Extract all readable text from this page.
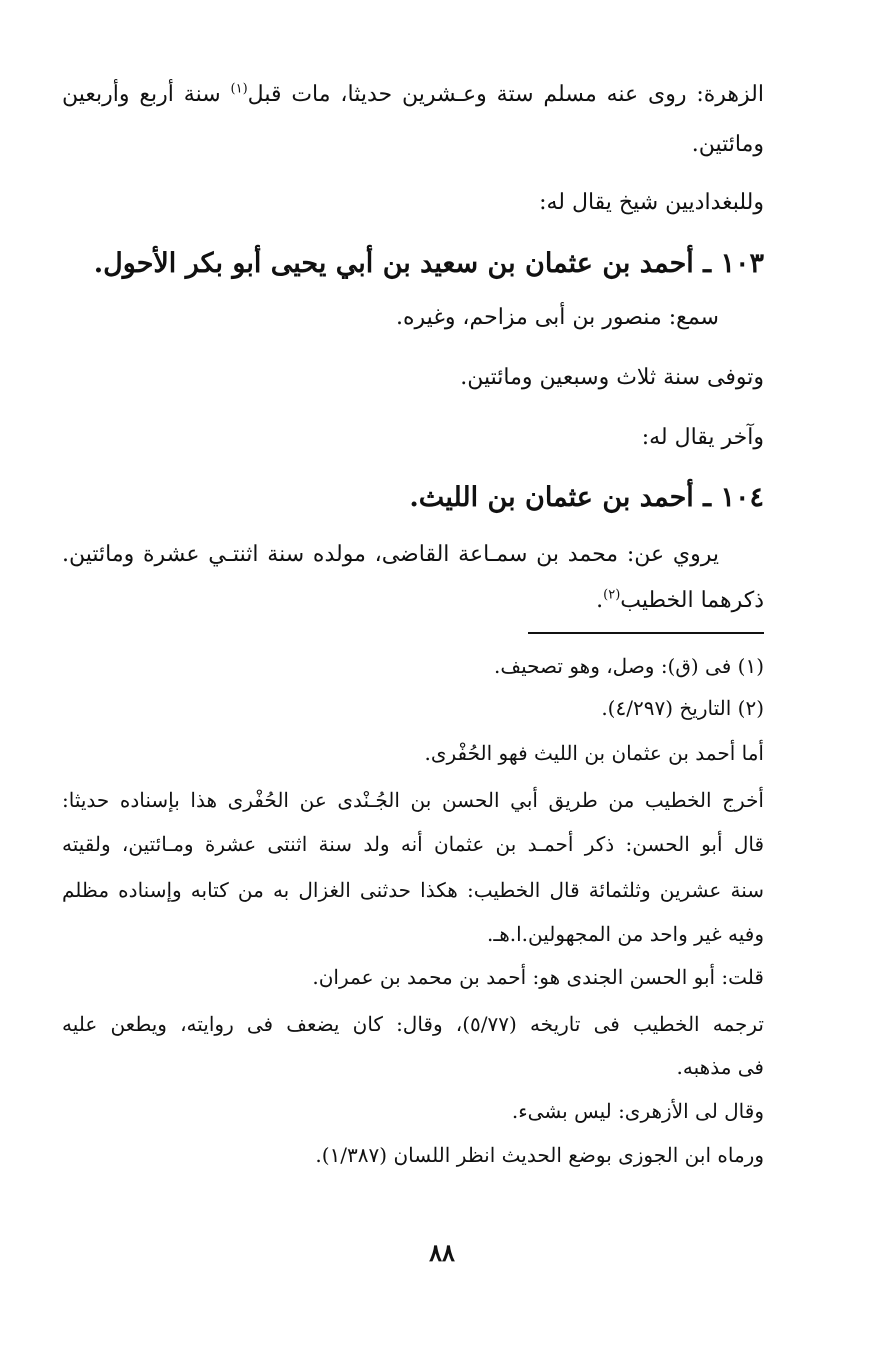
الزهرة: روى عنه مسلم ستة وعـشرين حديثا، مات قبل$^{(١)}$ سنة أربع وأربعين
ومائتين.
وللبغداديين شيخ يقال له:
١٠٣ ـ أحمد بن عثمان بن سعيد بن أبي يحيى أبو بكر الأحول.
سمع: منصور بن أبى مزاحم، وغيره.
وتوفى سنة ثلاث وسبعين ومائتين.
وآخر يقال له:
١٠٤ ـ أحمد بن عثمان بن الليث.
يروي عن: محمد بن سمـاعة القاضى، مولده سنة اثنتـي عشرة ومائتين.
ذكرهما الخطيب$^{(٢)}$.
(١) فى (ق): وصل، وهو تصحيف.
(٢) التاريخ (٤/٢٩٧).
أما أحمد بن عثمان بن الليث فهو الحُفْرى.
أخرج الخطيب من طريق أبي الحسن بن الجُـنْدى عن الحُفْرى هذا بإسناده حديثا:
قال أبو الحسن: ذكر أحمـد بن عثمان أنه ولد سنة اثنتى عشرة ومـائتين، ولقيته
سنة عشرين وثلثمائة قال الخطيب: هكذا حدثنى الغزال به من كتابه وإسناده مظلم
وفيه غير واحد من المجهولين.ا.هـ.
قلت: أبو الحسن الجندى هو: أحمد بن محمد بن عمران.
ترجمه الخطيب فى تاريخه (٥/٧٧)، وقال: كان يضعف فى روايته، ويطعن عليه
فى مذهبه.
وقال لى الأزهرى: ليس بشىء.
ورماه ابن الجوزى بوضع الحديث انظر اللسان (١/٣٨٧).
٨٨
